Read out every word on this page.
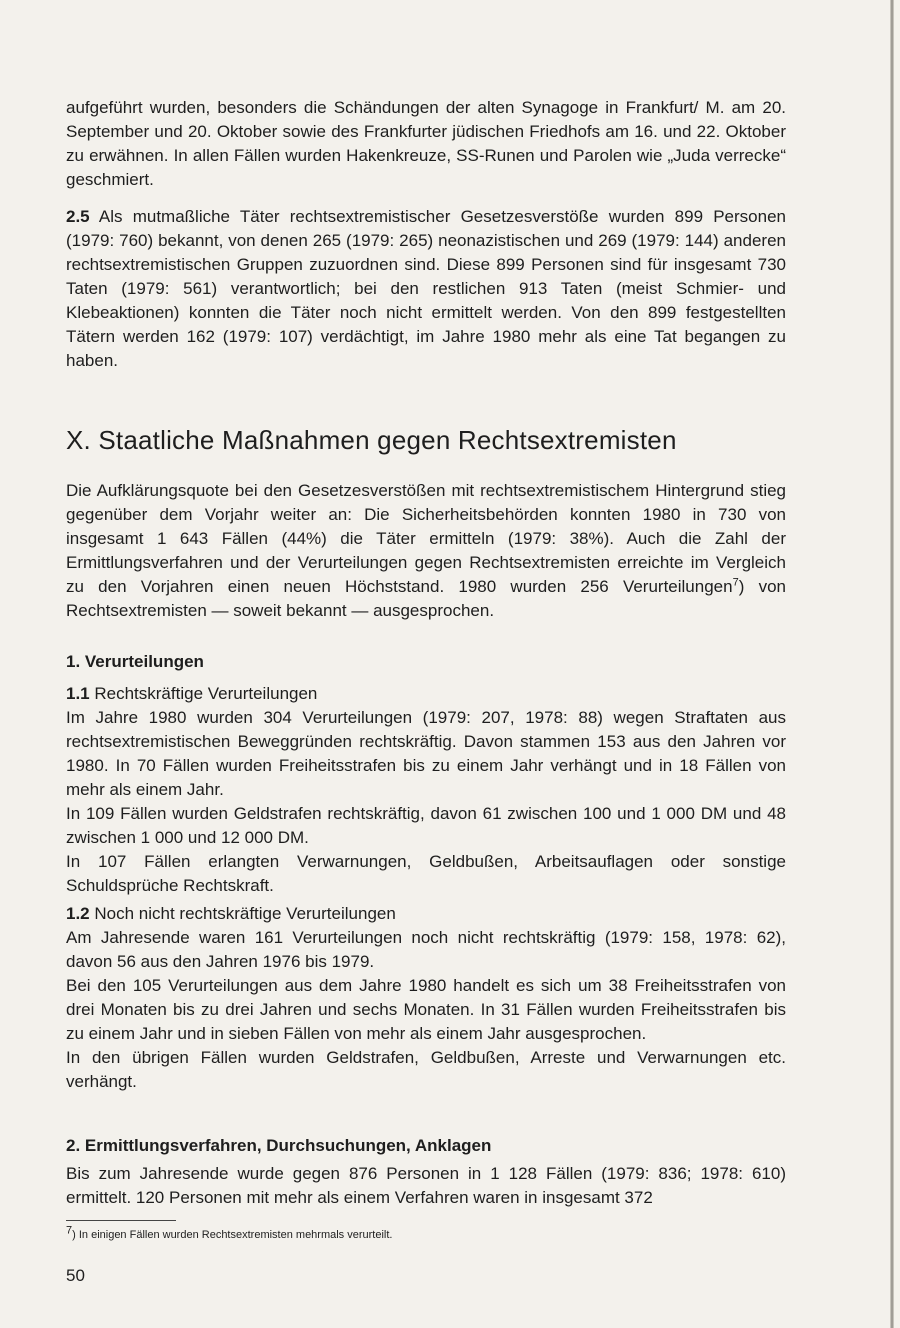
aufgeführt wurden, besonders die Schändungen der alten Synagoge in Frankfurt/ M. am 20. September und 20. Oktober sowie des Frankfurter jüdischen Friedhofs am 16. und 22. Oktober zu erwähnen. In allen Fällen wurden Hakenkreuze, SS-Runen und Parolen wie „Juda verrecke“ geschmiert.

2.5 Als mutmaßliche Täter rechtsextremistischer Gesetzesverstöße wurden 899 Personen (1979: 760) bekannt, von denen 265 (1979: 265) neonazistischen und 269 (1979: 144) anderen rechtsextremistischen Gruppen zuzuordnen sind. Diese 899 Personen sind für insgesamt 730 Taten (1979: 561) verantwortlich; bei den restlichen 913 Taten (meist Schmier- und Klebeaktionen) konnten die Täter noch nicht ermittelt werden. Von den 899 festgestellten Tätern werden 162 (1979: 107) verdächtigt, im Jahre 1980 mehr als eine Tat begangen zu haben.

X. Staatliche Maßnahmen gegen Rechtsextremisten

Die Aufklärungsquote bei den Gesetzesverstößen mit rechtsextremistischem Hintergrund stieg gegenüber dem Vorjahr weiter an: Die Sicherheitsbehörden konnten 1980 in 730 von insgesamt 1 643 Fällen (44%) die Täter ermitteln (1979: 38%). Auch die Zahl der Ermittlungsverfahren und der Verurteilungen gegen Rechtsextremisten erreichte im Vergleich zu den Vorjahren einen neuen Höchststand. 1980 wurden 256 Verurteilungen$^7$) von Rechtsextremisten — soweit bekannt — ausgesprochen.

1. Verurteilungen

1.1 Rechtskräftige Verurteilungen

Im Jahre 1980 wurden 304 Verurteilungen (1979: 207, 1978: 88) wegen Straftaten aus rechtsextremistischen Beweggründen rechtskräftig. Davon stammen 153 aus den Jahren vor 1980. In 70 Fällen wurden Freiheitsstrafen bis zu einem Jahr verhängt und in 18 Fällen von mehr als einem Jahr.

In 109 Fällen wurden Geldstrafen rechtskräftig, davon 61 zwischen 100 und 1 000 DM und 48 zwischen 1 000 und 12 000 DM.

In 107 Fällen erlangten Verwarnungen, Geldbußen, Arbeitsauflagen oder sonstige Schuldsprüche Rechtskraft.

1.2 Noch nicht rechtskräftige Verurteilungen

Am Jahresende waren 161 Verurteilungen noch nicht rechtskräftig (1979: 158, 1978: 62), davon 56 aus den Jahren 1976 bis 1979.

Bei den 105 Verurteilungen aus dem Jahre 1980 handelt es sich um 38 Freiheitsstrafen von drei Monaten bis zu drei Jahren und sechs Monaten. In 31 Fällen wurden Freiheitsstrafen bis zu einem Jahr und in sieben Fällen von mehr als einem Jahr ausgesprochen.

In den übrigen Fällen wurden Geldstrafen, Geldbußen, Arreste und Verwarnungen etc. verhängt.

2. Ermittlungsverfahren, Durchsuchungen, Anklagen

Bis zum Jahresende wurde gegen 876 Personen in 1 128 Fällen (1979: 836; 1978: 610) ermittelt. 120 Personen mit mehr als einem Verfahren waren in insgesamt 372

$^7$) In einigen Fällen wurden Rechtsextremisten mehrmals verurteilt.
50
